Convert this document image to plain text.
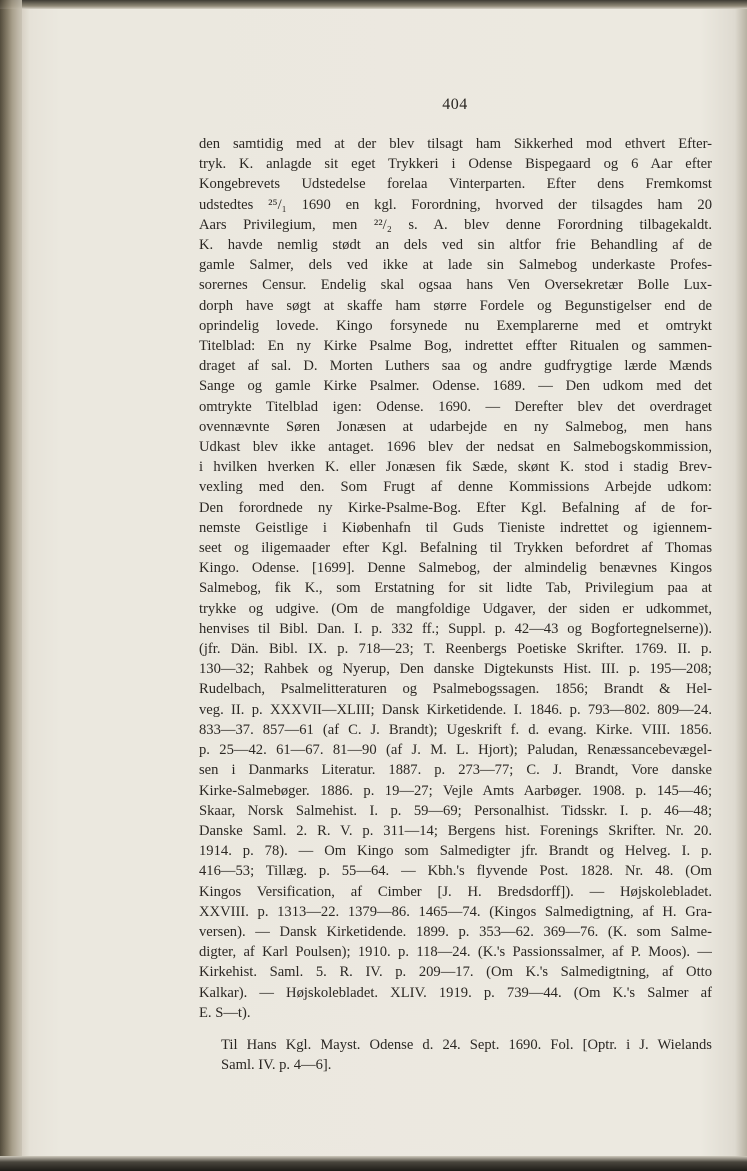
404
den samtidig med at der blev tilsagt ham Sikkerhed mod ethvert Efter-
tryk. K. anlagde sit eget Trykkeri i Odense Bispegaard og 6 Aar efter
Kongebrevets Udstedelse forelaa Vinterparten. Efter dens Fremkomst
udstedtes ²⁵/₁ 1690 en kgl. Forordning, hvorved der tilsagdes ham 20
Aars Privilegium, men ²²/₂ s. A. blev denne Forordning tilbagekaldt.
K. havde nemlig stødt an dels ved sin altfor frie Behandling af de
gamle Salmer, dels ved ikke at lade sin Salmebog underkaste Profes-
sorernes Censur. Endelig skal ogsaa hans Ven Oversekretær Bolle Lux-
dorph have søgt at skaffe ham større Fordele og Begunstigelser end de
oprindelig lovede. Kingo forsynede nu Exemplarerne med et omtrykt
Titelblad: En ny Kirke Psalme Bog, indrettet effter Ritualen og sammen-
draget af sal. D. Morten Luthers saa og andre gudfrygtige lærde Mænds
Sange og gamle Kirke Psalmer. Odense. 1689. — Den udkom med det
omtrykte Titelblad igen: Odense. 1690. — Derefter blev det overdraget
ovennævnte Søren Jonæsen at udarbejde en ny Salmebog, men hans
Udkast blev ikke antaget. 1696 blev der nedsat en Salmebogskommission,
i hvilken hverken K. eller Jonæsen fik Sæde, skønt K. stod i stadig Brev-
vexling med den. Som Frugt af denne Kommissions Arbejde udkom:
Den forordnede ny Kirke-Psalme-Bog. Efter Kgl. Befalning af de for-
nemste Geistlige i Kiøbenhafn til Guds Tieniste indrettet og igiennem-
seet og iligemaader efter Kgl. Befalning til Trykken befordret af Thomas
Kingo. Odense. [1699]. Denne Salmebog, der almindelig benævnes Kingos
Salmebog, fik K., som Erstatning for sit lidte Tab, Privilegium paa at
trykke og udgive. (Om de mangfoldige Udgaver, der siden er udkommet,
henvises til Bibl. Dan. I. p. 332 ff.; Suppl. p. 42—43 og Bogfortegnelserne)).
(jfr. Dän. Bibl. IX. p. 718—23; T. Reenbergs Poetiske Skrifter. 1769. II. p.
130—32; Rahbek og Nyerup, Den danske Digtekunsts Hist. III. p. 195—208;
Rudelbach, Psalmelitteraturen og Psalmebogssagen. 1856; Brandt & Hel-
veg. II. p. XXXVII—XLIII; Dansk Kirketidende. I. 1846. p. 793—802. 809—24.
833—37. 857—61 (af C. J. Brandt); Ugeskrift f. d. evang. Kirke. VIII. 1856.
p. 25—42. 61—67. 81—90 (af J. M. L. Hjort); Paludan, Renæssancebevægel-
sen i Danmarks Literatur. 1887. p. 273—77; C. J. Brandt, Vore danske
Kirke-Salmebøger. 1886. p. 19—27; Vejle Amts Aarbøger. 1908. p. 145—46;
Skaar, Norsk Salmehist. I. p. 59—69; Personalhist. Tidsskr. I. p. 46—48;
Danske Saml. 2. R. V. p. 311—14; Bergens hist. Forenings Skrifter. Nr. 20.
1914. p. 78). — Om Kingo som Salmedigter jfr. Brandt og Helveg. I. p.
416—53; Tillæg. p. 55—64. — Kbh.'s flyvende Post. 1828. Nr. 48. (Om
Kingos Versification, af Cimber [J. H. Bredsdorff]). — Højskolebladet.
XXVIII. p. 1313—22. 1379—86. 1465—74. (Kingos Salmedigtning, af H. Gra-
versen). — Dansk Kirketidende. 1899. p. 353—62. 369—76. (K. som Salme-
digter, af Karl Poulsen); 1910. p. 118—24. (K.'s Passionssalmer, af P. Moos). —
Kirkehist. Saml. 5. R. IV. p. 209—17. (Om K.'s Salmedigtning, af Otto
Kalkar). — Højskolebladet. XLIV. 1919. p. 739—44. (Om K.'s Salmer af
E. S—t).
Til Hans Kgl. Mayst. Odense d. 24. Sept. 1690. Fol. [Optr. i J. Wielands
Saml. IV. p. 4—6].
